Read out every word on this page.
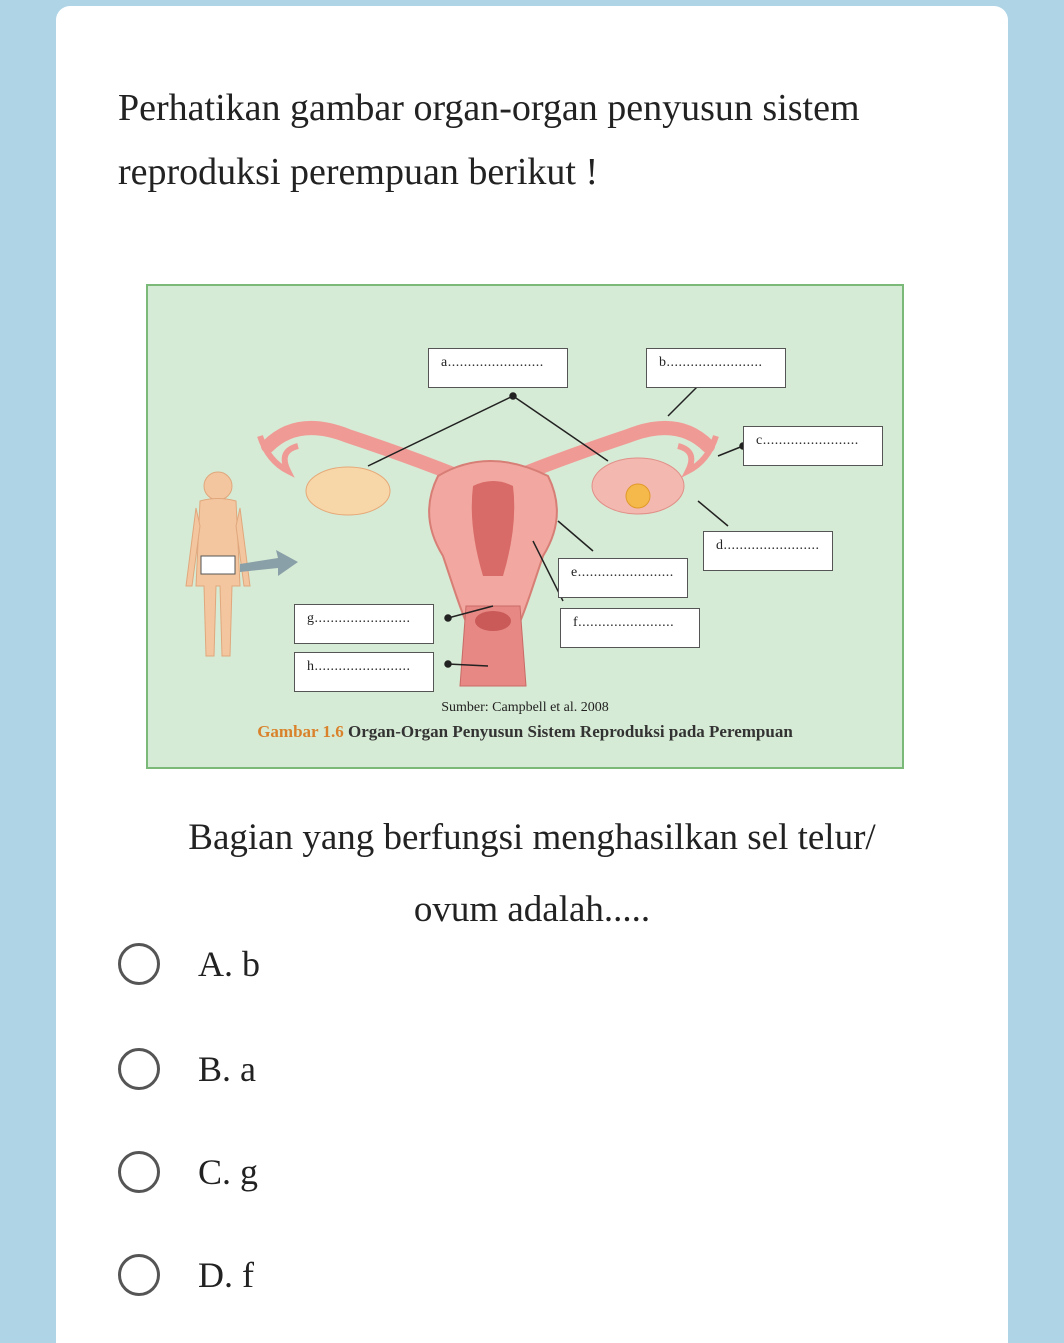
Perhatikan gambar organ-organ penyusun sistem
reproduksi perempuan berikut !
a........................	b........................
c........................
d........................
e........................
f........................
g........................
h........................
Sumber: Campbell et al. 2008
Gambar 1.6 Organ-Organ Penyusun Sistem Reproduksi pada Perempuan
Bagian yang berfungsi menghasilkan sel telur/
ovum adalah.....
A. b
B. a
C. g
D. f
